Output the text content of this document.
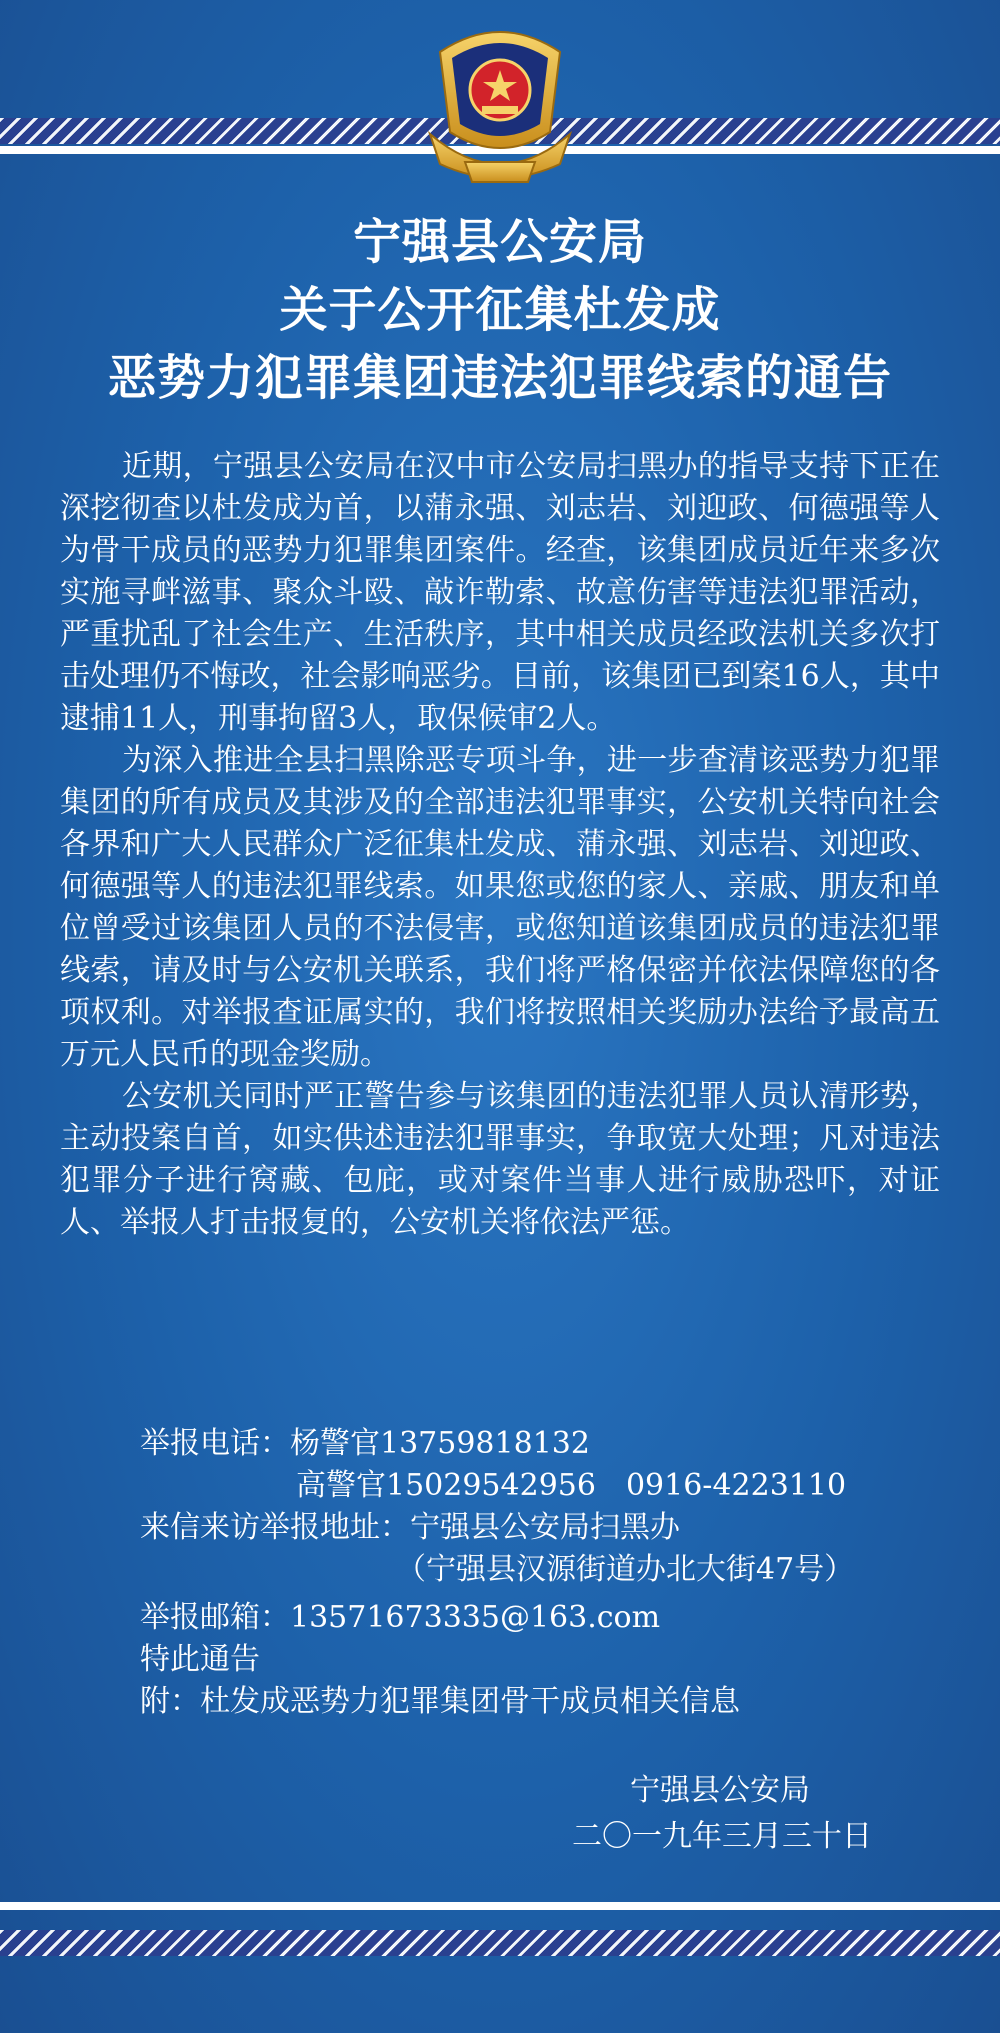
宁强县公安局
关于公开征集杜发成
恶势力犯罪集团违法犯罪线索的通告

近期，宁强县公安局在汉中市公安局扫黑办的指导支持下正在深挖彻查以杜发成为首，以蒲永强、刘志岩、刘迎政、何德强等人为骨干成员的恶势力犯罪集团案件。经查，该集团成员近年来多次实施寻衅滋事、聚众斗殴、敲诈勒索、故意伤害等违法犯罪活动，严重扰乱了社会生产、生活秩序，其中相关成员经政法机关多次打击处理仍不悔改，社会影响恶劣。目前，该集团已到案16人，其中逮捕11人，刑事拘留3人，取保候审2人。

为深入推进全县扫黑除恶专项斗争，进一步查清该恶势力犯罪集团的所有成员及其涉及的全部违法犯罪事实，公安机关特向社会各界和广大人民群众广泛征集杜发成、蒲永强、刘志岩、刘迎政、何德强等人的违法犯罪线索。如果您或您的家人、亲戚、朋友和单位曾受过该集团人员的不法侵害，或您知道该集团成员的违法犯罪线索，请及时与公安机关联系，我们将严格保密并依法保障您的各项权利。对举报查证属实的，我们将按照相关奖励办法给予最高五万元人民币的现金奖励。

公安机关同时严正警告参与该集团的违法犯罪人员认清形势，主动投案自首，如实供述违法犯罪事实，争取宽大处理；凡对违法犯罪分子进行窝藏、包庇，或对案件当事人进行威胁恐吓，对证人、举报人打击报复的，公安机关将依法严惩。

举报电话：杨警官13759818132
高警官15029542956　0916-4223110
来信来访举报地址：宁强县公安局扫黑办
（宁强县汉源街道办北大街47号）
举报邮箱：13571673335@163.com
特此通告
附：杜发成恶势力犯罪集团骨干成员相关信息
宁强县公安局
二〇一九年三月三十日
